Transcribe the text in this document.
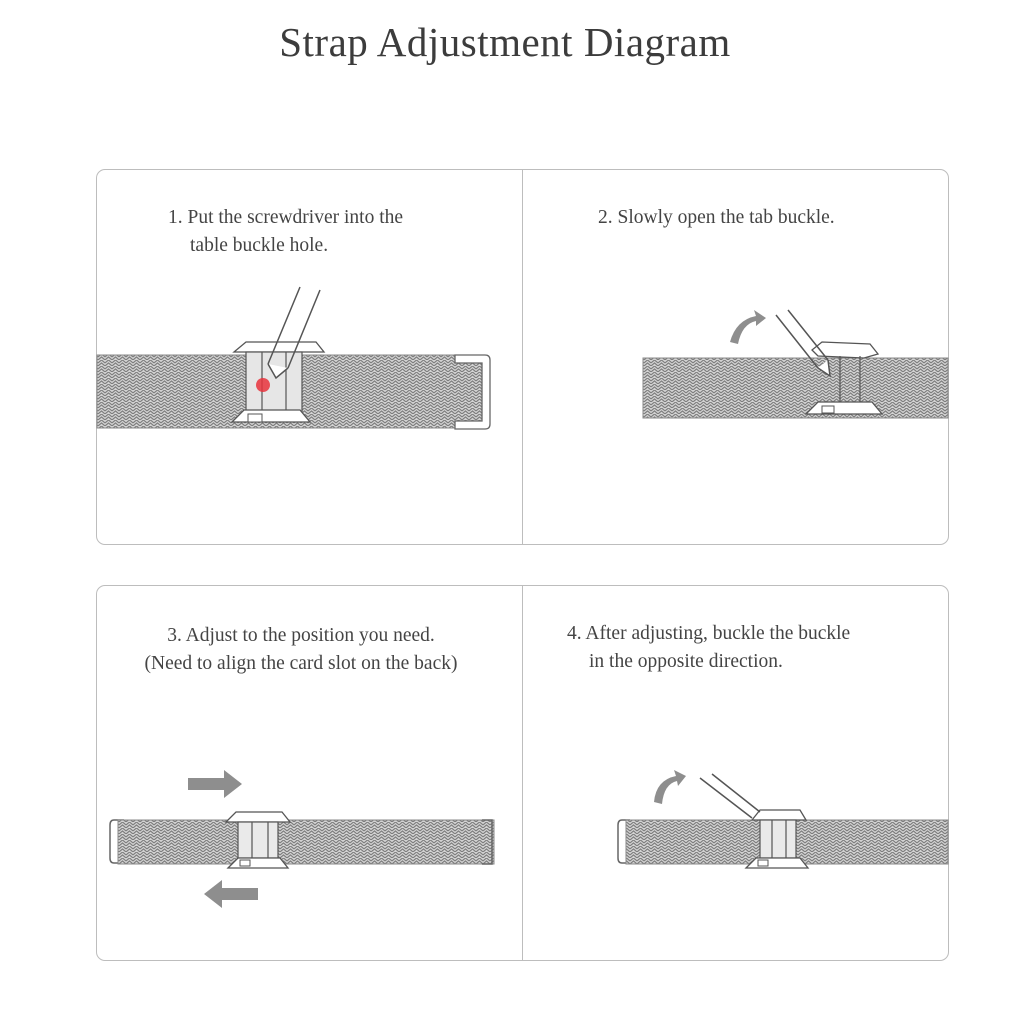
Strap Adjustment Diagram
1. Put the screwdriver into the
table buckle hole.
2. Slowly open the tab buckle.
3. Adjust to the position you need.
(Need to align the card slot on the back)
4. After adjusting, buckle the buckle
in the opposite direction.
